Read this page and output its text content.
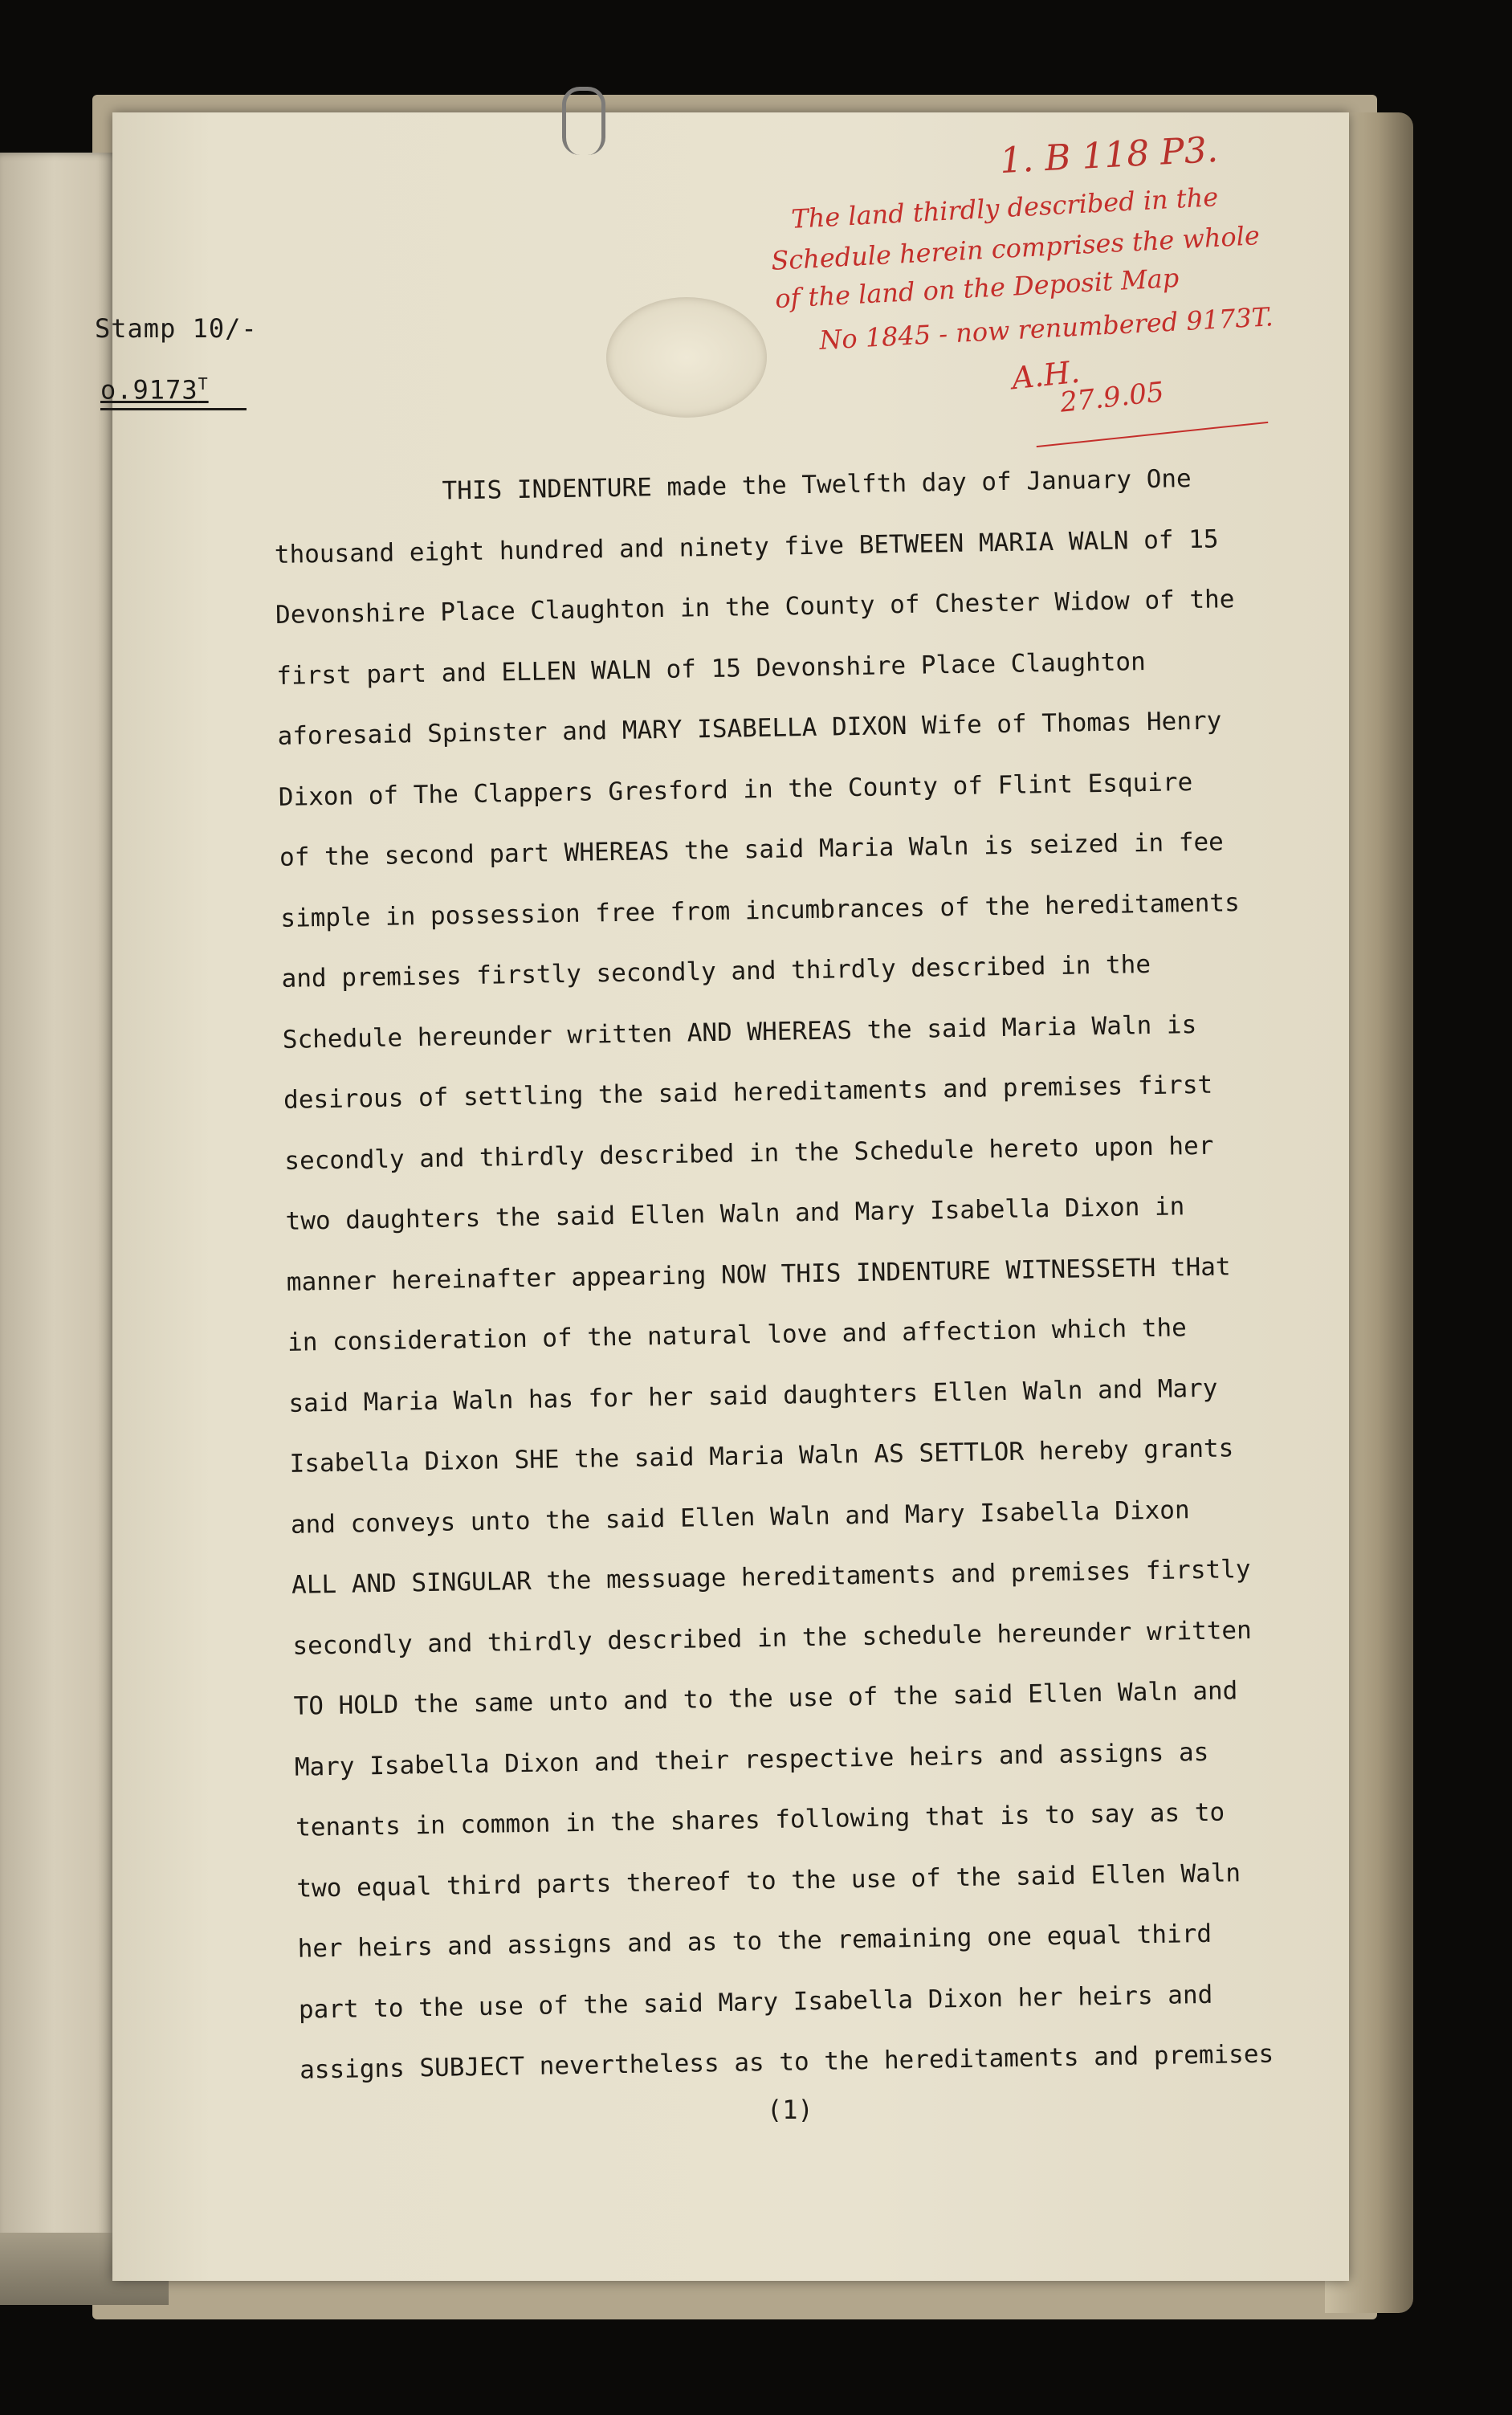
Stamp 10/-
$o.9173^T$
1. B 118 P3.
The land thirdly described in the
Schedule herein comprises the whole
of the land on the Deposit Map
No 1845 - now renumbered 9173T.
A.H.
27.9.05
THIS INDENTURE made the Twelfth day of January One
thousand eight hundred and ninety five BETWEEN MARIA WALN of 15
Devonshire Place Claughton in the County of Chester Widow of the
first part and ELLEN WALN of 15 Devonshire Place Claughton
aforesaid Spinster and MARY ISABELLA DIXON Wife of Thomas Henry
Dixon of The Clappers Gresford in the County of Flint Esquire
of the second part WHEREAS the said Maria Waln is seized in fee
simple in possession free from incumbrances of the hereditaments
and premises firstly secondly and thirdly described in the
Schedule hereunder written AND WHEREAS the said Maria Waln is
desirous of settling the said hereditaments and premises first
secondly and thirdly described in the Schedule hereto upon her
two daughters the said Ellen Waln and Mary Isabella Dixon in
manner hereinafter appearing NOW THIS INDENTURE WITNESSETH tHat
in consideration of the natural love and affection which the
said Maria Waln has for her said daughters Ellen Waln and Mary
Isabella Dixon SHE the said Maria Waln AS SETTLOR hereby grants
and conveys unto the said Ellen Waln and Mary Isabella Dixon
ALL AND SINGULAR the messuage hereditaments and premises firstly
secondly and thirdly described in the schedule hereunder written
TO HOLD the same unto and to the use of the said Ellen Waln and
Mary Isabella Dixon and their respective heirs and assigns as
tenants in common in the shares following that is to say as to
two equal third parts thereof to the use of the said Ellen Waln
her heirs and assigns and as to the remaining one equal third
part to the use of the said Mary Isabella Dixon her heirs and
assigns SUBJECT nevertheless as to the hereditaments and premises
(1)
